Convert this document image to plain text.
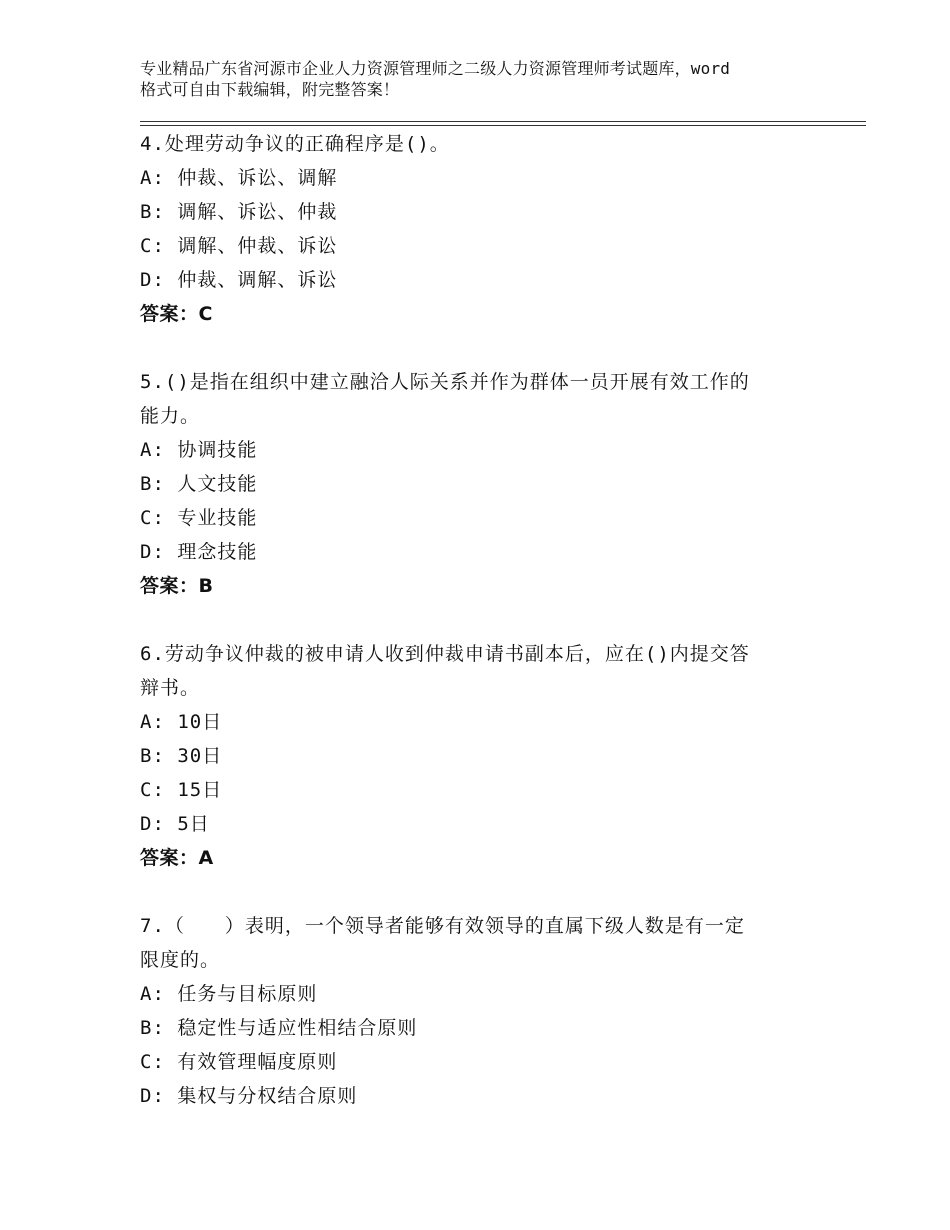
专业精品广东省河源市企业人力资源管理师之二级人力资源管理师考试题库，word
格式可自由下载编辑，附完整答案！
4.处理劳动争议的正确程序是()。
A: 仲裁、诉讼、调解
B: 调解、诉讼、仲裁
C: 调解、仲裁、诉讼
D: 仲裁、调解、诉讼
答案：C
5.()是指在组织中建立融洽人际关系并作为群体一员开展有效工作的
能力。
A: 协调技能
B: 人文技能
C: 专业技能
D: 理念技能
答案：B
6.劳动争议仲裁的被申请人收到仲裁申请书副本后，应在()内提交答
辩书。
A: 10日
B: 30日
C: 15日
D: 5日
答案：A
7.（　　）表明，一个领导者能够有效领导的直属下级人数是有一定
限度的。
A: 任务与目标原则
B: 稳定性与适应性相结合原则
C: 有效管理幅度原则
D: 集权与分权结合原则
